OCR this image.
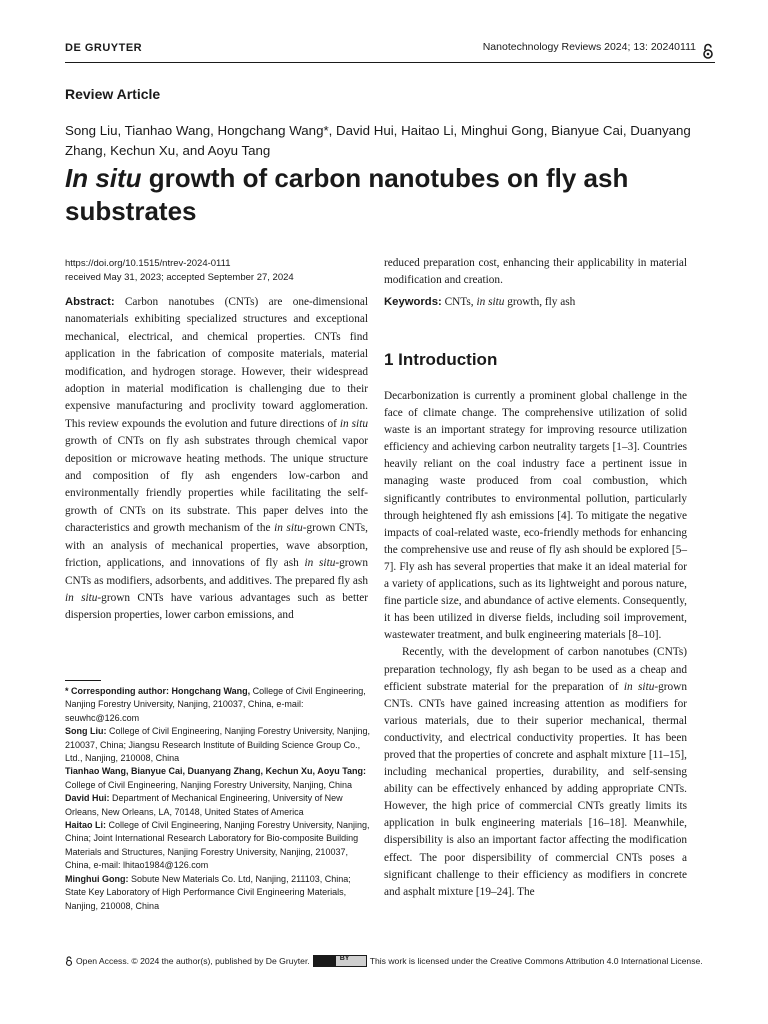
DE GRUYTER	Nanotechnology Reviews 2024; 13: 20240111
Review Article
Song Liu, Tianhao Wang, Hongchang Wang*, David Hui, Haitao Li, Minghui Gong, Bianyue Cai, Duanyang Zhang, Kechun Xu, and Aoyu Tang
In situ growth of carbon nanotubes on fly ash
substrates
https://doi.org/10.1515/ntrev-2024-0111
received May 31, 2023; accepted September 27, 2024
Abstract: Carbon nanotubes (CNTs) are one-dimensional nanomaterials exhibiting specialized structures and exceptional mechanical, electrical, and chemical properties. CNTs find application in the fabrication of composite materials, material modification, and hydrogen storage. However, their widespread adoption in material modification is challenging due to their expensive manufacturing and proclivity toward agglomeration. This review expounds the evolution and future directions of in situ growth of CNTs on fly ash substrates through chemical vapor deposition or microwave heating methods. The unique structure and composition of fly ash engenders low-carbon and environmentally friendly properties while facilitating the self-growth of CNTs on its substrate. This paper delves into the characteristics and growth mechanism of the in situ-grown CNTs, with an analysis of mechanical properties, wave absorption, friction, applications, and innovations of fly ash in situ-grown CNTs as modifiers, adsorbents, and additives. The prepared fly ash in situ-grown CNTs have various advantages such as better dispersion properties, lower carbon emissions, and
reduced preparation cost, enhancing their applicability in material modification and creation.
Keywords: CNTs, in situ growth, fly ash
1 Introduction

Decarbonization is currently a prominent global challenge in the face of climate change. The comprehensive utilization of solid waste is an important strategy for improving resource utilization efficiency and achieving carbon neutrality targets [1–3]. Countries heavily reliant on the coal industry face a pertinent issue in managing waste produced from coal combustion, which significantly contributes to environmental pollution, particularly through heightened fly ash emissions [4]. To mitigate the negative impacts of coal-related waste, eco-friendly methods for enhancing the comprehensive use and reuse of fly ash should be explored [5–7]. Fly ash has several properties that make it an ideal material for a variety of applications, such as its lightweight and porous nature, fine particle size, and abundance of active elements. Consequently, it has been utilized in diverse fields, including soil improvement, wastewater treatment, and bulk engineering materials [8–10].

Recently, with the development of carbon nanotubes (CNTs) preparation technology, fly ash began to be used as a cheap and efficient substrate material for the preparation of in situ-grown CNTs. CNTs have gained increasing attention as modifiers for various materials, due to their superior mechanical, thermal conductivity, and electrical conductivity properties. It has been proved that the properties of concrete and asphalt mixture [11–15], including mechanical properties, durability, and self-sensing ability can be effectively enhanced by adding appropriate CNTs. However, the high price of commercial CNTs greatly limits its application in bulk engineering materials [16–18]. Meanwhile, dispersibility is also an important factor affecting the modification effect. The poor dispersibility of commercial CNTs poses a significant challenge to their efficiency as modifiers in concrete and asphalt mixture [19–24]. The

* Corresponding author: Hongchang Wang, College of Civil Engineering, Nanjing Forestry University, Nanjing, 210037, China, e-mail: seuwhc@126.com

Song Liu: College of Civil Engineering, Nanjing Forestry University, Nanjing, 210037, China; Jiangsu Research Institute of Building Science Group Co., Ltd., Nanjing, 210008, China

Tianhao Wang, Bianyue Cai, Duanyang Zhang, Kechun Xu, Aoyu Tang: College of Civil Engineering, Nanjing Forestry University, Nanjing, China

David Hui: Department of Mechanical Engineering, University of New Orleans, New Orleans, LA, 70148, United States of America

Haitao Li: College of Civil Engineering, Nanjing Forestry University, Nanjing, China; Joint International Research Laboratory for Bio-composite Building Materials and Structures, Nanjing Forestry University, Nanjing, 210037, China, e-mail: lhitao1984@126.com

Minghui Gong: Sobute New Materials Co. Ltd, Nanjing, 211103, China; State Key Laboratory of High Performance Civil Engineering Materials, Nanjing, 210008, China

Open Access. © 2024 the author(s), published by De Gruyter.	BY This work is licensed under the Creative Commons Attribution 4.0 International License.
